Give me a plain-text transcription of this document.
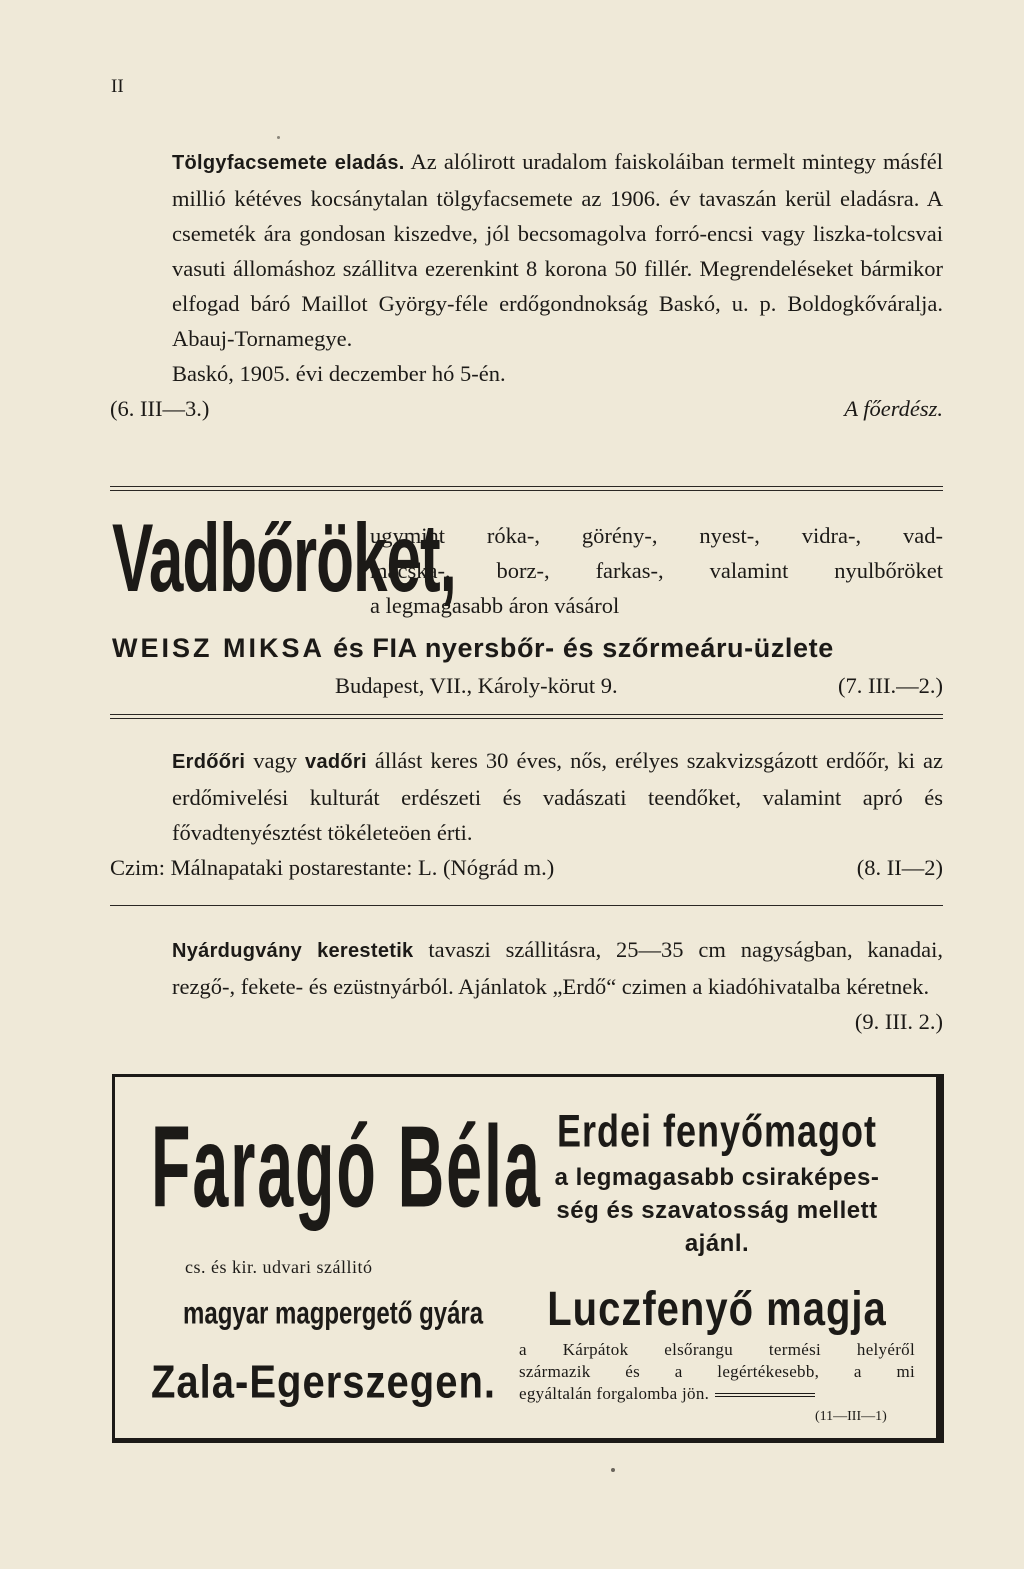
II

Tölgyfacsemete eladás. Az alólirott uradalom faiskoláiban termelt mintegy másfél millió kétéves kocsánytalan tölgyfacsemete az 1906. év tavaszán kerül eladásra. A csemeték ára gondosan kiszedve, jól becsomagolva forró-encsi vagy liszka-tolcsvai vasuti állomáshoz szállitva ezerenkint 8 korona 50 fillér. Megrendeléseket bármikor elfogad báró Maillot György-féle erdőgondnokság Baskó, u. p. Boldogkőváralja. Abauj-Tornamegye.

Baskó, 1905. évi deczember hó 5-én.

(6. III—3.)	A főerdész.
Vadbőröket,
ugymint róka-, görény-, nyest-, vidra-, vad-
macska-, borz-, farkas-, valamint nyulbőröket
a legmagasabb áron vásárol
WEISZ MIKSA és FIA nyersbőr- és szőrmeáru-üzlete
Budapest, VII., Károly-körut 9.	(7. III.—2.)

Erdőőri vagy vadőri állást keres 30 éves, nős, erélyes szakvizsgázott erdőőr, ki az erdőmivelési kulturát erdészeti és vadászati teendőket, valamint apró és fővadtenyésztést tökéleteöen érti.

Czim: Málnapataki postarestante: L. (Nógrád m.)	(8. II—2)

Nyárdugvány kerestetik tavaszi szállitásra, 25—35 cm nagyságban, kanadai, rezgő-, fekete- és ezüstnyárból. Ajánlatok „Erdő“ czimen a kiadóhivatalba kéretnek.

(9. III. 2.)
Faragó Béla
cs. és kir. udvari szállitó
magyar magpergető gyára
Zala-Egerszegen.
Erdei fenyőmagot
a legmagasabb csiraképes-
ség és szavatosság mellett
ajánl.
Luczfenyő magja
a Kárpátok elsőrangu termési helyéről
származik és a legértékesebb, a mi
egyáltalán forgalomba jön.
(11—III—1)
